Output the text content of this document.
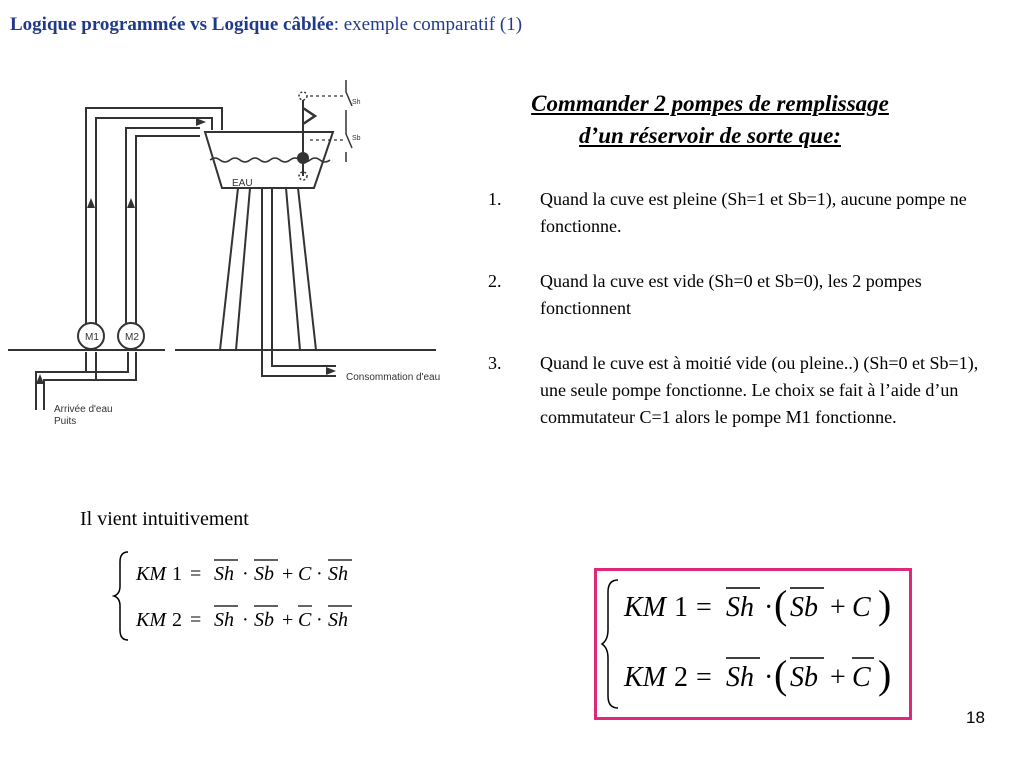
Logique programmée vs Logique câblée: exemple comparatif (1)
M1	M2
EAU
Sh
Sb
Consommation d'eau
Arrivée d'eau
Puits
Commander 2 pompes de remplissage
d’un réservoir de sorte que:
1. Quand la cuve est pleine (Sh=1 et Sb=1), aucune pompe ne fonctionne.
2. Quand la cuve est vide (Sh=0 et Sb=0), les 2 pompes fonctionnent
3. Quand le cuve est à moitié vide (ou pleine..) (Sh=0 et Sb=1), une seule pompe fonctionne. Le choix se fait à l’aide d’un commutateur C=1 alors le pompe M1 fonctionne.
Il vient intuitivement
KM 1 = Sh · Sb + C · Sh
KM 2 = Sh · Sb + C · Sh	KM 1 = Sh · ( Sb + C )
KM 2 = Sh · ( Sb + C )
18
